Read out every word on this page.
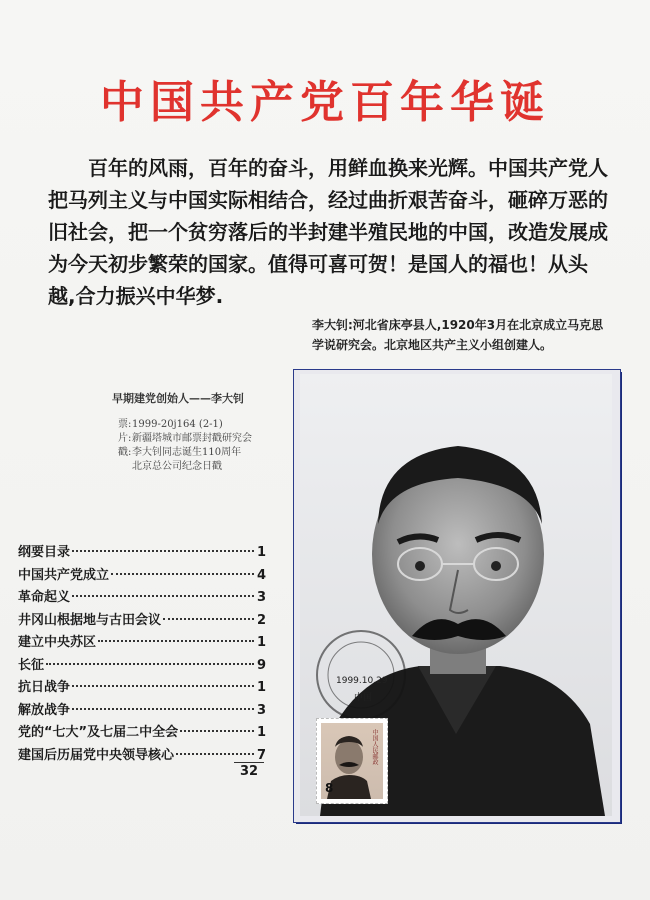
中国共产党百年华诞
百年的风雨，百年的奋斗，用鲜血换来光辉。中国共产党人把马列主义与中国实际相结合，经过曲折艰苦奋斗，砸碎万恶的旧社会，把一个贫穷落后的半封建半殖民地的中国，改造发展成为今天初步繁荣的国家。值得可喜可贺！是国人的福也！从头越,合力振兴中华梦.
李大钊:河北省床亭县人,1920年3月在北京成立马克思学说研究会。北京地区共产主义小组创建人。
早期建党创始人——李大钊
票: 1999-20j164 (2-1)
片: 新疆塔城市邮票封戳研究会
戳: 李大钊同志诞生110周年
北京总公司纪念日戳
纲要目录	1
中国共产党成立	4
革命起义	3
井冈山根据地与古田会议	2
建立中央苏区	1
长征	9
抗日战争	1
解放战争	3
党的“七大”及七届二中全会	1
建国后历届党中央领导核心	7
32
1999.10.29
中国
中国人民邮政
8
